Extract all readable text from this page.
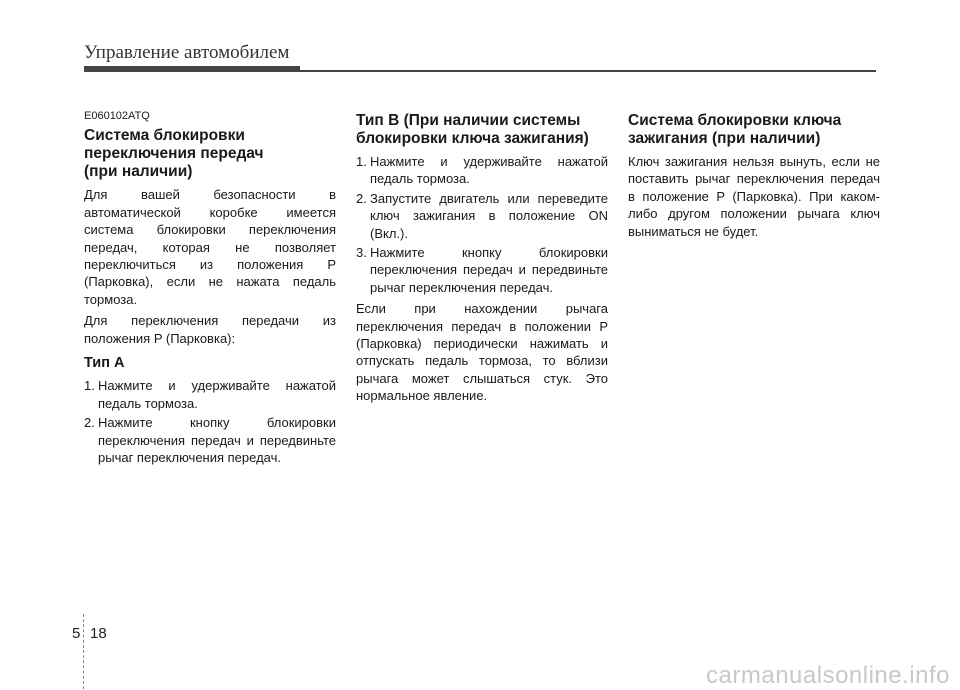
Управление автомобилем
E060102ATQ
Система блокировки
переключения передач
(при наличии)

Для вашей безопасности в автоматической коробке имеется система блокировки переключения передач, которая не позволяет переключиться из положения P (Парковка), если не нажата педаль тормоза.

Для переключения передачи из положения P (Парковка):

Тип A
1. Нажмите и удерживайте нажатой педаль тормоза.
2. Нажмите кнопку блокировки переключения передач и передвиньте рычаг переключения передач.
Тип B (При наличии системы
блокировки ключа зажигания)
1. Нажмите и удерживайте нажатой педаль тормоза.
2. Запустите двигатель или переведите ключ зажигания в положение ON (Вкл.).
3. Нажмите кнопку блокировки переключения передач и передвиньте рычаг переключения передач.

Если при нахождении рычага переключения передач в положении P (Парковка) периодически нажимать и отпускать педаль тормоза, то вблизи рычага может слышаться стук. Это нормальное явление.

Система блокировки ключа
зажигания (при наличии)

Ключ зажигания нельзя вынуть, если не поставить рычаг переключения передач в положение P (Парковка). При каком-либо другом положении рычага ключ выниматься не будет.

5 18
carmanualsonline.info
